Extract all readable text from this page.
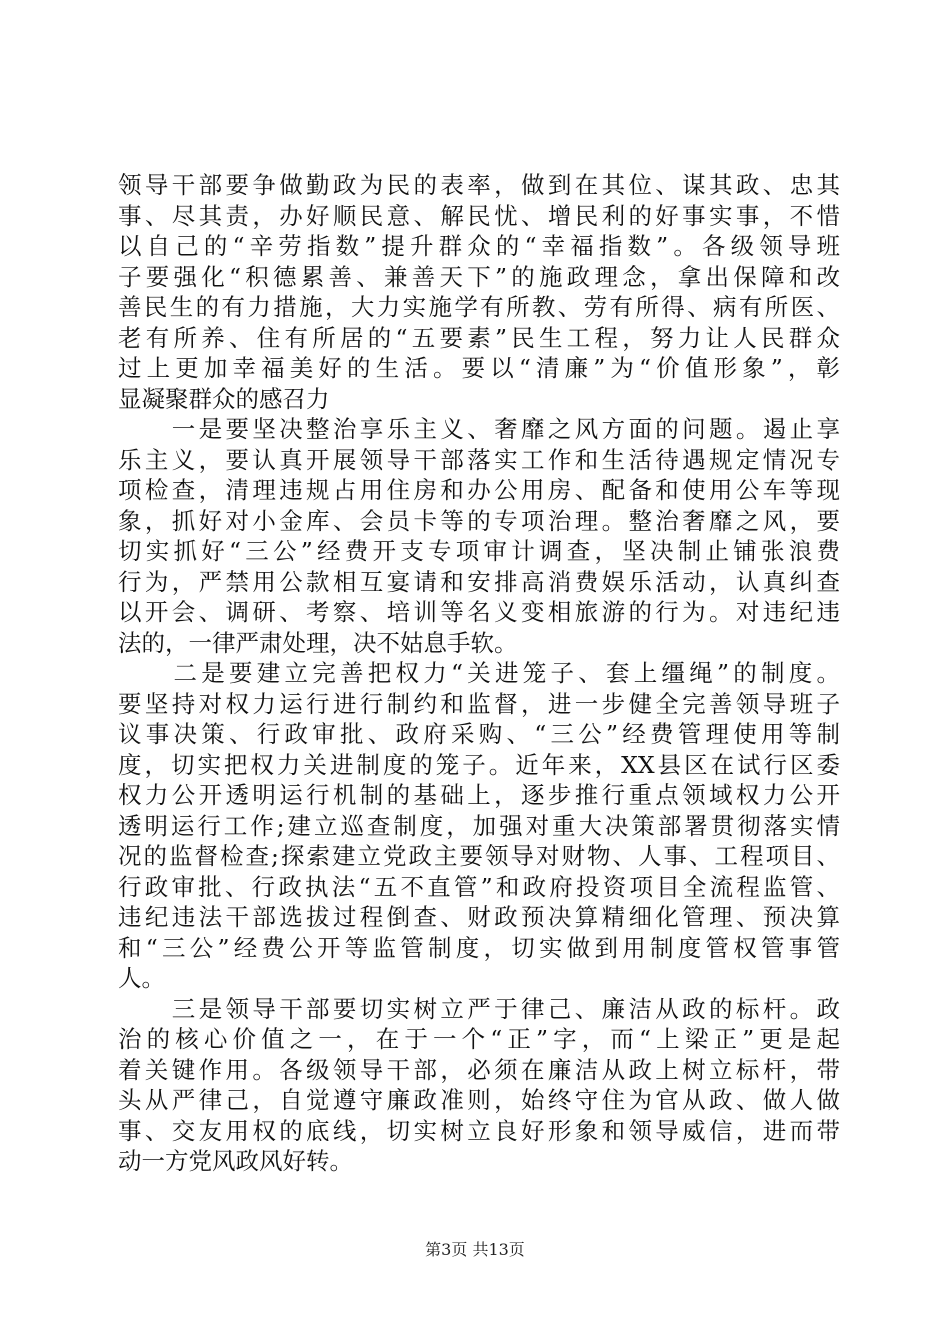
领导干部要争做勤政为民的表率，做到在其位、谋其政、忠其
事、尽其责，办好顺民意、解民忧、增民利的好事实事，不惜
以自己的“辛劳指数”提升群众的“幸福指数”。各级领导班
子要强化“积德累善、兼善天下”的施政理念，拿出保障和改
善民生的有力措施，大力实施学有所教、劳有所得、病有所医、
老有所养、住有所居的“五要素”民生工程，努力让人民群众
过上更加幸福美好的生活。要以“清廉”为“价值形象”，彰
显凝聚群众的感召力
　　一是要坚决整治享乐主义、奢靡之风方面的问题。遏止享
乐主义，要认真开展领导干部落实工作和生活待遇规定情况专
项检查，清理违规占用住房和办公用房、配备和使用公车等现
象，抓好对小金库、会员卡等的专项治理。整治奢靡之风，要
切实抓好“三公”经费开支专项审计调查，坚决制止铺张浪费
行为，严禁用公款相互宴请和安排高消费娱乐活动，认真纠查
以开会、调研、考察、培训等名义变相旅游的行为。对违纪违
法的，一律严肃处理，决不姑息手软。
　　二是要建立完善把权力“关进笼子、套上缰绳”的制度。
要坚持对权力运行进行制约和监督，进一步健全完善领导班子
议事决策、行政审批、政府采购、“三公”经费管理使用等制
度，切实把权力关进制度的笼子。近年来，XX县区在试行区委
权力公开透明运行机制的基础上，逐步推行重点领域权力公开
透明运行工作;建立巡查制度，加强对重大决策部署贯彻落实情
况的监督检查;探索建立党政主要领导对财物、人事、工程项目、
行政审批、行政执法“五不直管”和政府投资项目全流程监管、
违纪违法干部选拔过程倒查、财政预决算精细化管理、预决算
和“三公”经费公开等监管制度，切实做到用制度管权管事管
人。
　　三是领导干部要切实树立严于律己、廉洁从政的标杆。政
治的核心价值之一，在于一个“正”字，而“上梁正”更是起
着关键作用。各级领导干部，必须在廉洁从政上树立标杆，带
头从严律己，自觉遵守廉政准则，始终守住为官从政、做人做
事、交友用权的底线，切实树立良好形象和领导威信，进而带
动一方党风政风好转。
第3页 共13页
